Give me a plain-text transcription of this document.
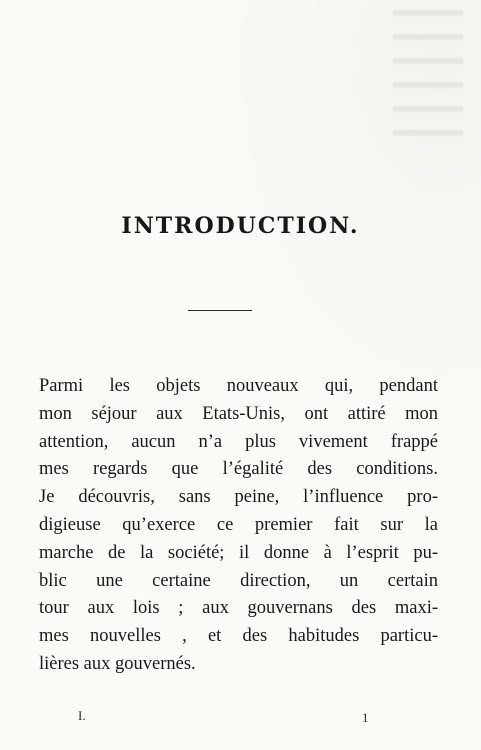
INTRODUCTION.
Parmi les objets nouveaux qui, pendant
mon séjour aux Etats-Unis, ont attiré mon
attention, aucun n’a plus vivement frappé
mes regards que l’égalité des conditions.
Je découvris, sans peine, l’influence pro-
digieuse qu’exerce ce premier fait sur la
marche de la société; il donne à l’esprit pu-
blic une certaine direction, un certain
tour aux lois ; aux gouvernans des maxi-
mes nouvelles , et des habitudes particu-
lières aux gouvernés.
I.	1
